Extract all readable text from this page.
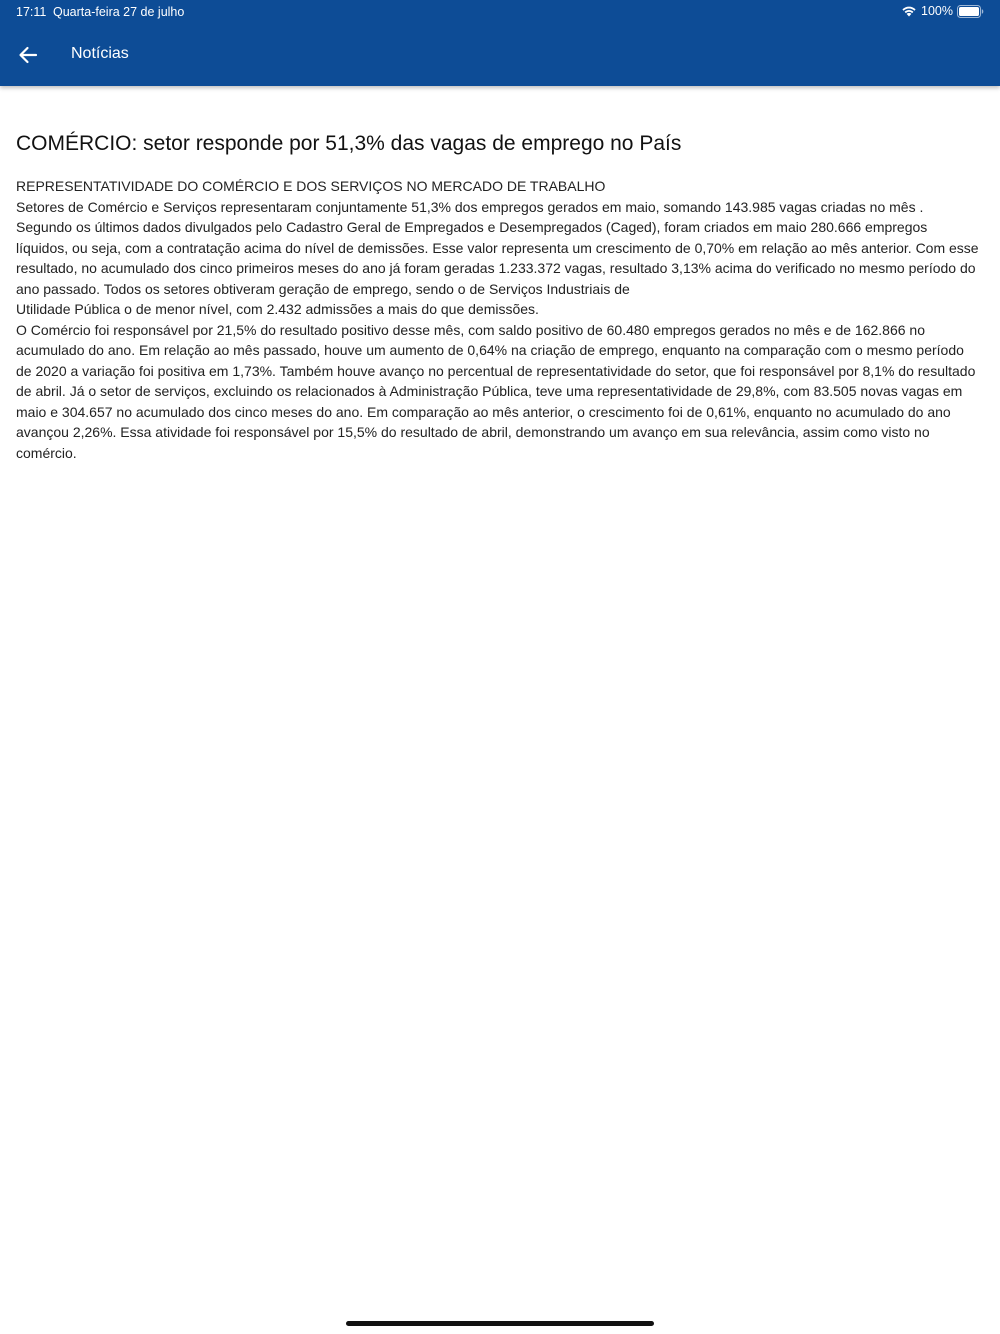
17:11 Quarta-feira 27 de julho	100%
Notícias
COMÉRCIO: setor responde por 51,3% das vagas de emprego no País
REPRESENTATIVIDADE DO COMÉRCIO E DOS SERVIÇOS NO MERCADO DE TRABALHO
Setores de Comércio e Serviços representaram conjuntamente 51,3% dos empregos gerados em maio, somando 143.985 vagas criadas no mês .
Segundo os últimos dados divulgados pelo Cadastro Geral de Empregados e Desempregados (Caged), foram criados em maio 280.666 empregos
líquidos, ou seja, com a contratação acima do nível de demissões. Esse valor representa um crescimento de 0,70% em relação ao mês anterior. Com esse
resultado, no acumulado dos cinco primeiros meses do ano já foram geradas 1.233.372 vagas, resultado 3,13% acima do verificado no mesmo período do
ano passado. Todos os setores obtiveram geração de emprego, sendo o de Serviços Industriais de
Utilidade Pública o de menor nível, com 2.432 admissões a mais do que demissões.
O Comércio foi responsável por 21,5% do resultado positivo desse mês, com saldo positivo de 60.480 empregos gerados no mês e de 162.866 no
acumulado do ano. Em relação ao mês passado, houve um aumento de 0,64% na criação de emprego, enquanto na comparação com o mesmo período
de 2020 a variação foi positiva em 1,73%. Também houve avanço no percentual de representatividade do setor, que foi responsável por 8,1% do resultado
de abril. Já o setor de serviços, excluindo os relacionados à Administração Pública, teve uma representatividade de 29,8%, com 83.505 novas vagas em
maio e 304.657 no acumulado dos cinco meses do ano. Em comparação ao mês anterior, o crescimento foi de 0,61%, enquanto no acumulado do ano
avançou 2,26%. Essa atividade foi responsável por 15,5% do resultado de abril, demonstrando um avanço em sua relevância, assim como visto no
comércio.
